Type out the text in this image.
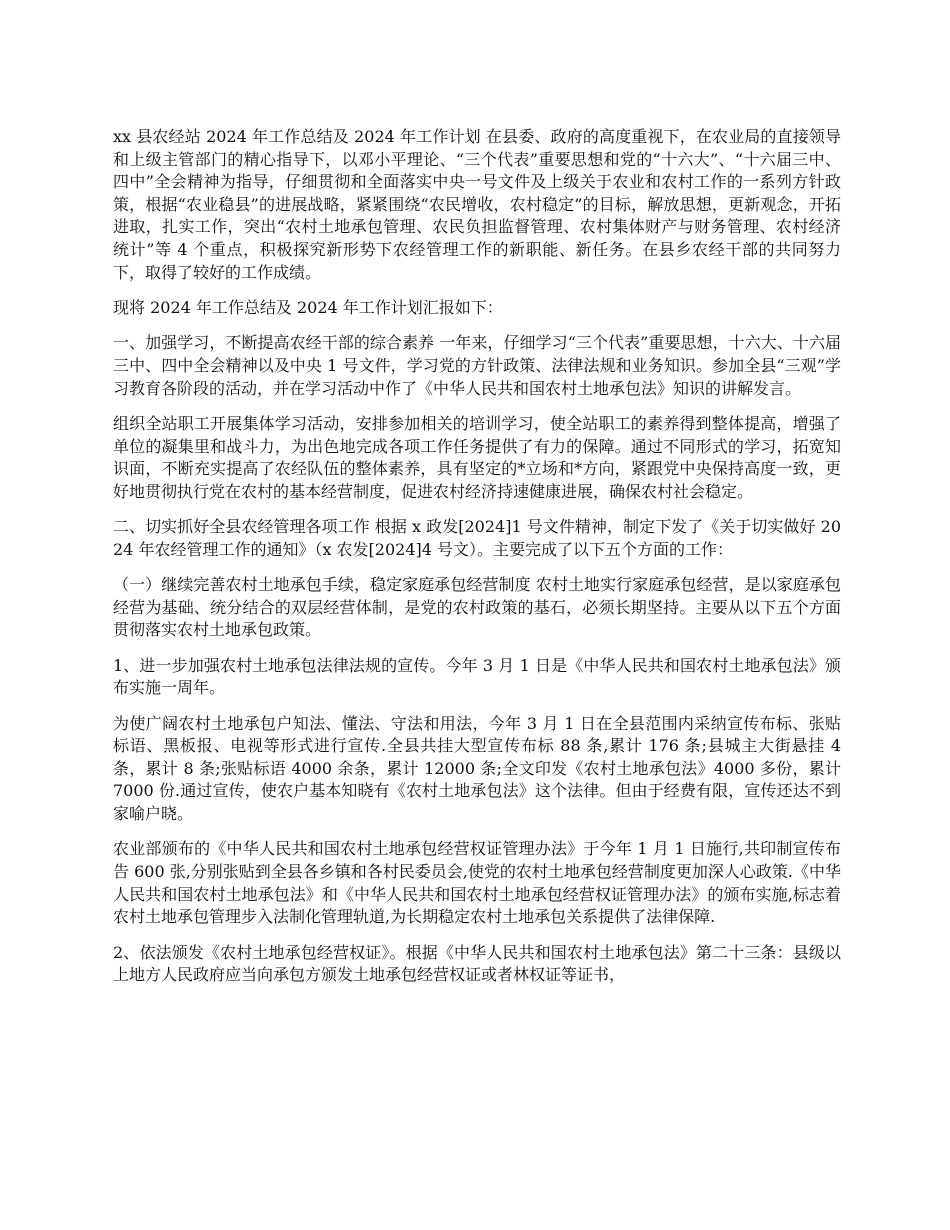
xx 县农经站 2024 年工作总结及 2024 年工作计划 在县委、政府的高度重视下，在农业局的直接领导和上级主管部门的精心指导下，以邓小平理论、“三个代表”重要思想和党的“十六大”、“十六届三中、四中”全会精神为指导，仔细贯彻和全面落实中央一号文件及上级关于农业和农村工作的一系列方针政策，根据“农业稳县”的进展战略，紧紧围绕“农民增收，农村稳定”的目标，解放思想，更新观念，开拓进取，扎实工作，突出“农村土地承包管理、农民负担监督管理、农村集体财产与财务管理、农村经济统计”等 4 个重点，积极探究新形势下农经管理工作的新职能、新任务。在县乡农经干部的共同努力下，取得了较好的工作成绩。

现将 2024 年工作总结及 2024 年工作计划汇报如下：

一、加强学习，不断提高农经干部的综合素养 一年来，仔细学习“三个代表”重要思想，十六大、十六届三中、四中全会精神以及中央 1 号文件，学习党的方针政策、法律法规和业务知识。参加全县“三观”学习教育各阶段的活动，并在学习活动中作了《中华人民共和国农村土地承包法》知识的讲解发言。

组织全站职工开展集体学习活动，安排参加相关的培训学习，使全站职工的素养得到整体提高，增强了单位的凝集里和战斗力，为出色地完成各项工作任务提供了有力的保障。通过不同形式的学习，拓宽知识面，不断充实提高了农经队伍的整体素养，具有坚定的*立场和*方向，紧跟党中央保持高度一致，更好地贯彻执行党在农村的基本经营制度，促进农村经济持速健康进展，确保农村社会稳定。

二、切实抓好全县农经管理各项工作 根据 x 政发[2024]1 号文件精神，制定下发了《关于切实做好 2024 年农经管理工作的通知》（x 农发[2024]4 号文）。主要完成了以下五个方面的工作：

（一）继续完善农村土地承包手续，稳定家庭承包经营制度 农村土地实行家庭承包经营，是以家庭承包经营为基础、统分结合的双层经营体制，是党的农村政策的基石，必须长期坚持。主要从以下五个方面贯彻落实农村土地承包政策。

1、进一步加强农村土地承包法律法规的宣传。今年 3 月 1 日是《中华人民共和国农村土地承包法》颁布实施一周年。

为使广阔农村土地承包户知法、懂法、守法和用法，今年 3 月 1 日在全县范围内采纳宣传布标、张贴标语、黑板报、电视等形式进行宣传.全县共挂大型宣传布标 88 条,累计 176 条;县城主大街悬挂 4 条，累计 8 条;张贴标语 4000 余条，累计 12000 条;全文印发《农村土地承包法》4000 多份，累计 7000 份.通过宣传，使农户基本知晓有《农村土地承包法》这个法律。但由于经费有限，宣传还达不到家喻户晓。

农业部颁布的《中华人民共和国农村土地承包经营权证管理办法》于今年 1 月 1 日施行,共印制宣传布告 600 张,分别张贴到全县各乡镇和各村民委员会,使党的农村土地承包经营制度更加深人心政策.《中华人民共和国农村土地承包法》和《中华人民共和国农村土地承包经营权证管理办法》的颁布实施,标志着农村土地承包管理步入法制化管理轨道,为长期稳定农村土地承包关系提供了法律保障.

2、依法颁发《农村土地承包经营权证》。根据《中华人民共和国农村土地承包法》第二十三条：县级以上地方人民政府应当向承包方颁发土地承包经营权证或者林权证等证书，
